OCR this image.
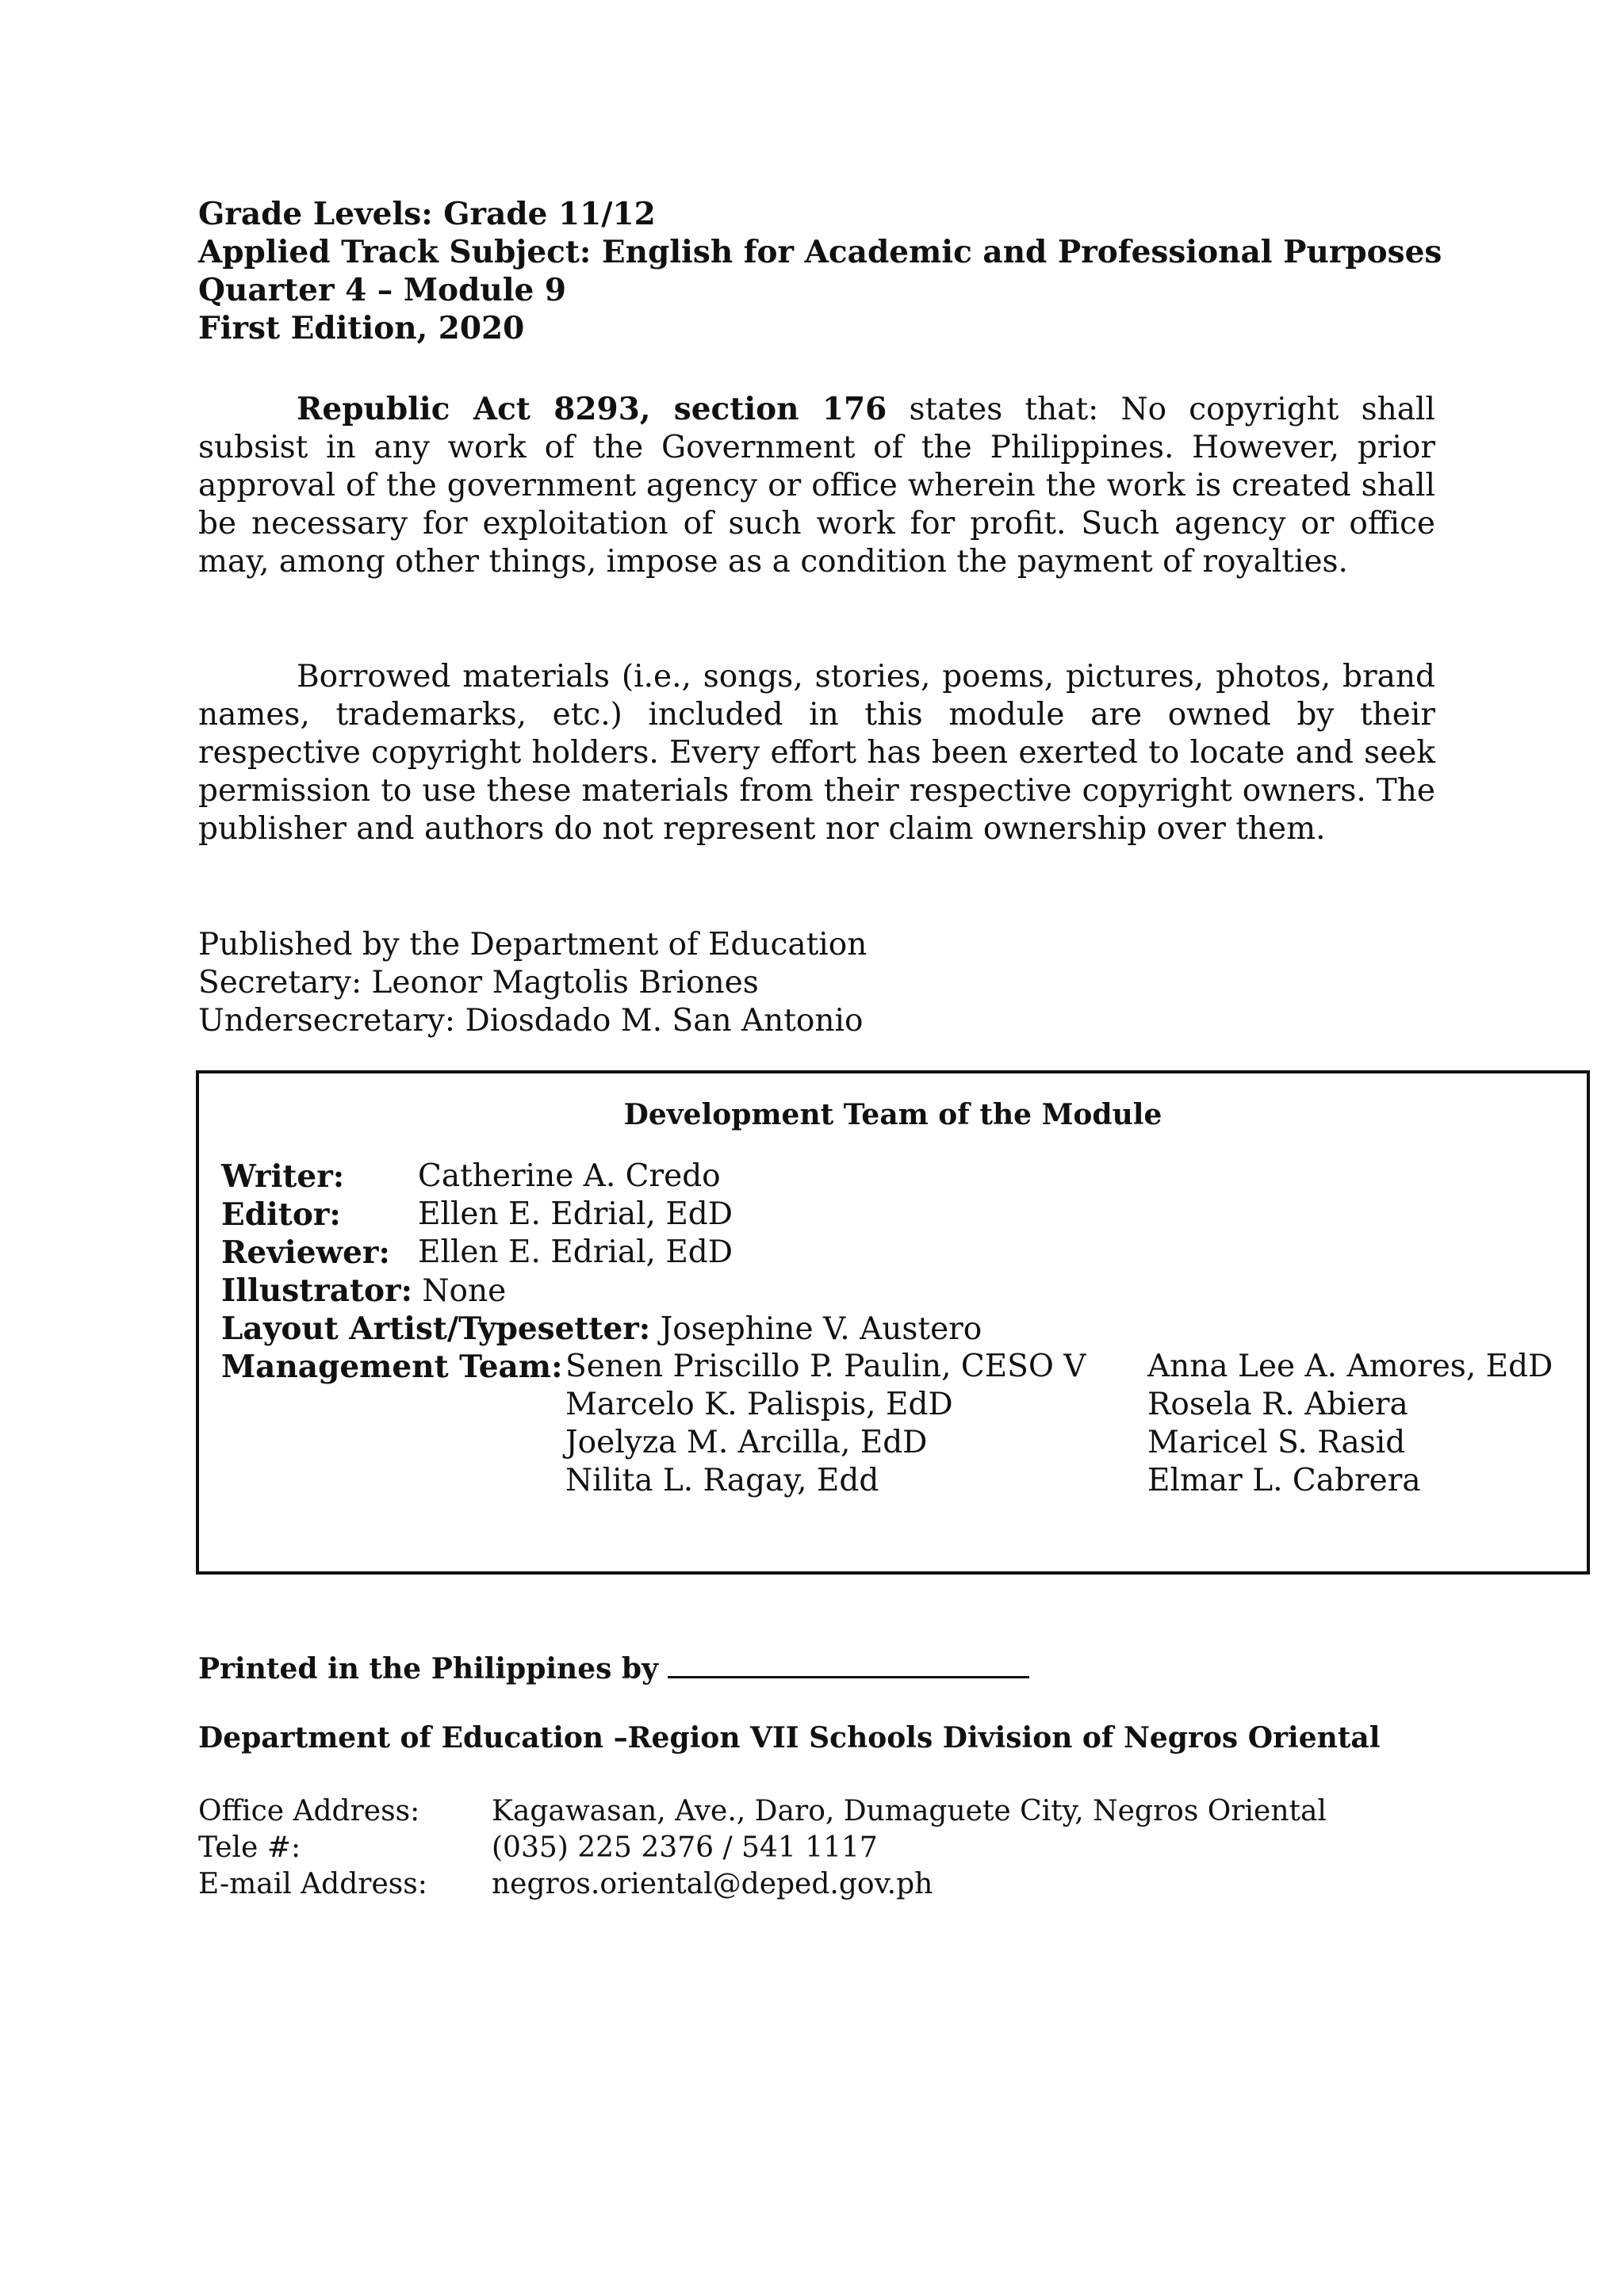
Grade Levels: Grade 11/12
Applied Track Subject: English for Academic and Professional Purposes
Quarter 4 – Module 9
First Edition, 2020
Republic Act 8293, section 176 states that: No copyright shall subsist in any work of the Government of the Philippines. However, prior approval of the government agency or office wherein the work is created shall be necessary for exploitation of such work for profit. Such agency or office may, among other things, impose as a condition the payment of royalties.
Borrowed materials (i.e., songs, stories, poems, pictures, photos, brand names, trademarks, etc.) included in this module are owned by their respective copyright holders. Every effort has been exerted to locate and seek permission to use these materials from their respective copyright owners. The publisher and authors do not represent nor claim ownership over them.
Published by the Department of Education
Secretary: Leonor Magtolis Briones
Undersecretary: Diosdado M. San Antonio
Development Team of the Module
Writer: Catherine A. Credo
Editor: Ellen E. Edrial, EdD
Reviewer: Ellen E. Edrial, EdD
Illustrator: None
Layout Artist/Typesetter: Josephine V. Austero
Management Team: Senen Priscillo P. Paulin, CESO V
Marcelo K. Palispis, EdD
Joelyza M. Arcilla, EdD
Nilita L. Ragay, Edd
Anna Lee A. Amores, EdD
Rosela R. Abiera
Maricel S. Rasid
Elmar L. Cabrera
Printed in the Philippines by
Department of Education –Region VII Schools Division of Negros Oriental
Office Address:	Kagawasan, Ave., Daro, Dumaguete City, Negros Oriental
Tele #:	(035) 225 2376 / 541 1117
E-mail Address: negros.oriental@deped.gov.ph
